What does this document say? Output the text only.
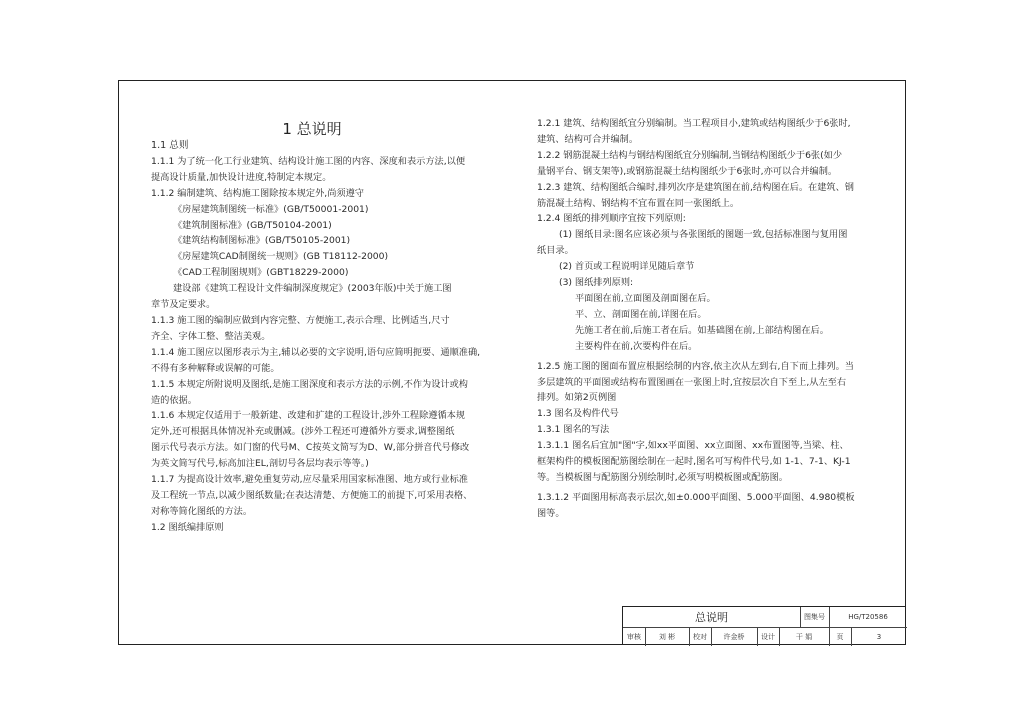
1 总说明

1.1 总则

1.1.1 为了统一化工行业建筑、结构设计施工图的内容、深度和表示方法,以便

提高设计质量,加快设计进度,特制定本规定。

1.1.2 编制建筑、结构施工图除按本规定外,尚须遵守

《房屋建筑制图统一标准》(GB/T50001-2001)

《建筑制图标准》(GB/T50104-2001)

《建筑结构制图标准》(GB/T50105-2001)

《房屋建筑CAD制图统一规则》(GB T18112-2000)

《CAD工程制图规则》(GBT18229-2000)

建设部《建筑工程设计文件编制深度规定》(2003年版)中关于施工图

章节及定要求。

1.1.3 施工图的编制应做到内容完整、方便施工,表示合理、比例适当,尺寸

齐全、字体工整、整洁美观。

1.1.4 施工图应以图形表示为主,辅以必要的文字说明,语句应简明扼要、通顺准确,

不得有多种解释或误解的可能。

1.1.5 本规定所附说明及图纸,是施工图深度和表示方法的示例,不作为设计或构

造的依据。

1.1.6 本规定仅适用于一般新建、改建和扩建的工程设计,涉外工程除遵循本规

定外,还可根据具体情况补充或删减。(涉外工程还可遵循外方要求,调整图纸

图示代号表示方法。如门窗的代号M、C按英文简写为D、W,部分拼音代号修改

为英文简写代号,标高加注EL,剖切号各层均表示等等。)

1.1.7 为提高设计效率,避免重复劳动,应尽量采用国家标准图、地方或行业标准

及工程统一节点,以减少图纸数量;在表达清楚、方便施工的前提下,可采用表格、

对称等简化图纸的方法。

1.2 图纸编排原则

1.2.1 建筑、结构图纸宜分别编制。当工程项目小,建筑或结构图纸少于6张时,

建筑、结构可合并编制。

1.2.2 钢筋混凝土结构与钢结构图纸宜分别编制,当钢结构图纸少于6张(如少

量钢平台、钢支架等),或钢筋混凝土结构图纸少于6张时,亦可以合并编制。

1.2.3 建筑、结构图纸合编时,排列次序是建筑图在前,结构图在后。在建筑、钢

筋混凝土结构、钢结构不宜布置在同一张图纸上。

1.2.4 图纸的排列顺序宜按下列原则:

(1) 图纸目录:图名应该必须与各张图纸的图题一致,包括标准图与复用图

纸目录。

(2) 首页或工程说明详见随后章节

(3) 图纸排列原则:

平面图在前,立面图及剖面图在后。

平、立、剖面图在前,详图在后。

先施工者在前,后施工者在后。如基础图在前,上部结构图在后。

主要构件在前,次要构件在后。

1.2.5 施工图的图面布置应根据绘制的内容,依主次从左到右,自下而上排列。当

多层建筑的平面图或结构布置图画在一张图上时,宜按层次自下至上,从左至右

排列。如第2页例图

1.3 图名及构件代号

1.3.1 图名的写法

1.3.1.1 图名后宜加"图"字,如xx平面图、xx立面图、xx布置图等,当梁、柱、

框架构件的模板图配筋图绘制在一起时,图名可写构件代号,如 1-1、7-1、KJ-1

等。当模板图与配筋图分别绘制时,必须写明模板图或配筋图。

1.3.1.2 平面图用标高表示层次,如±0.000平面图、5.000平面图、4.980模板

图等。

总说明	图集号	HG/T20586
审核	刘 彬	校对	许金桥	设计	干 娟	页	3
